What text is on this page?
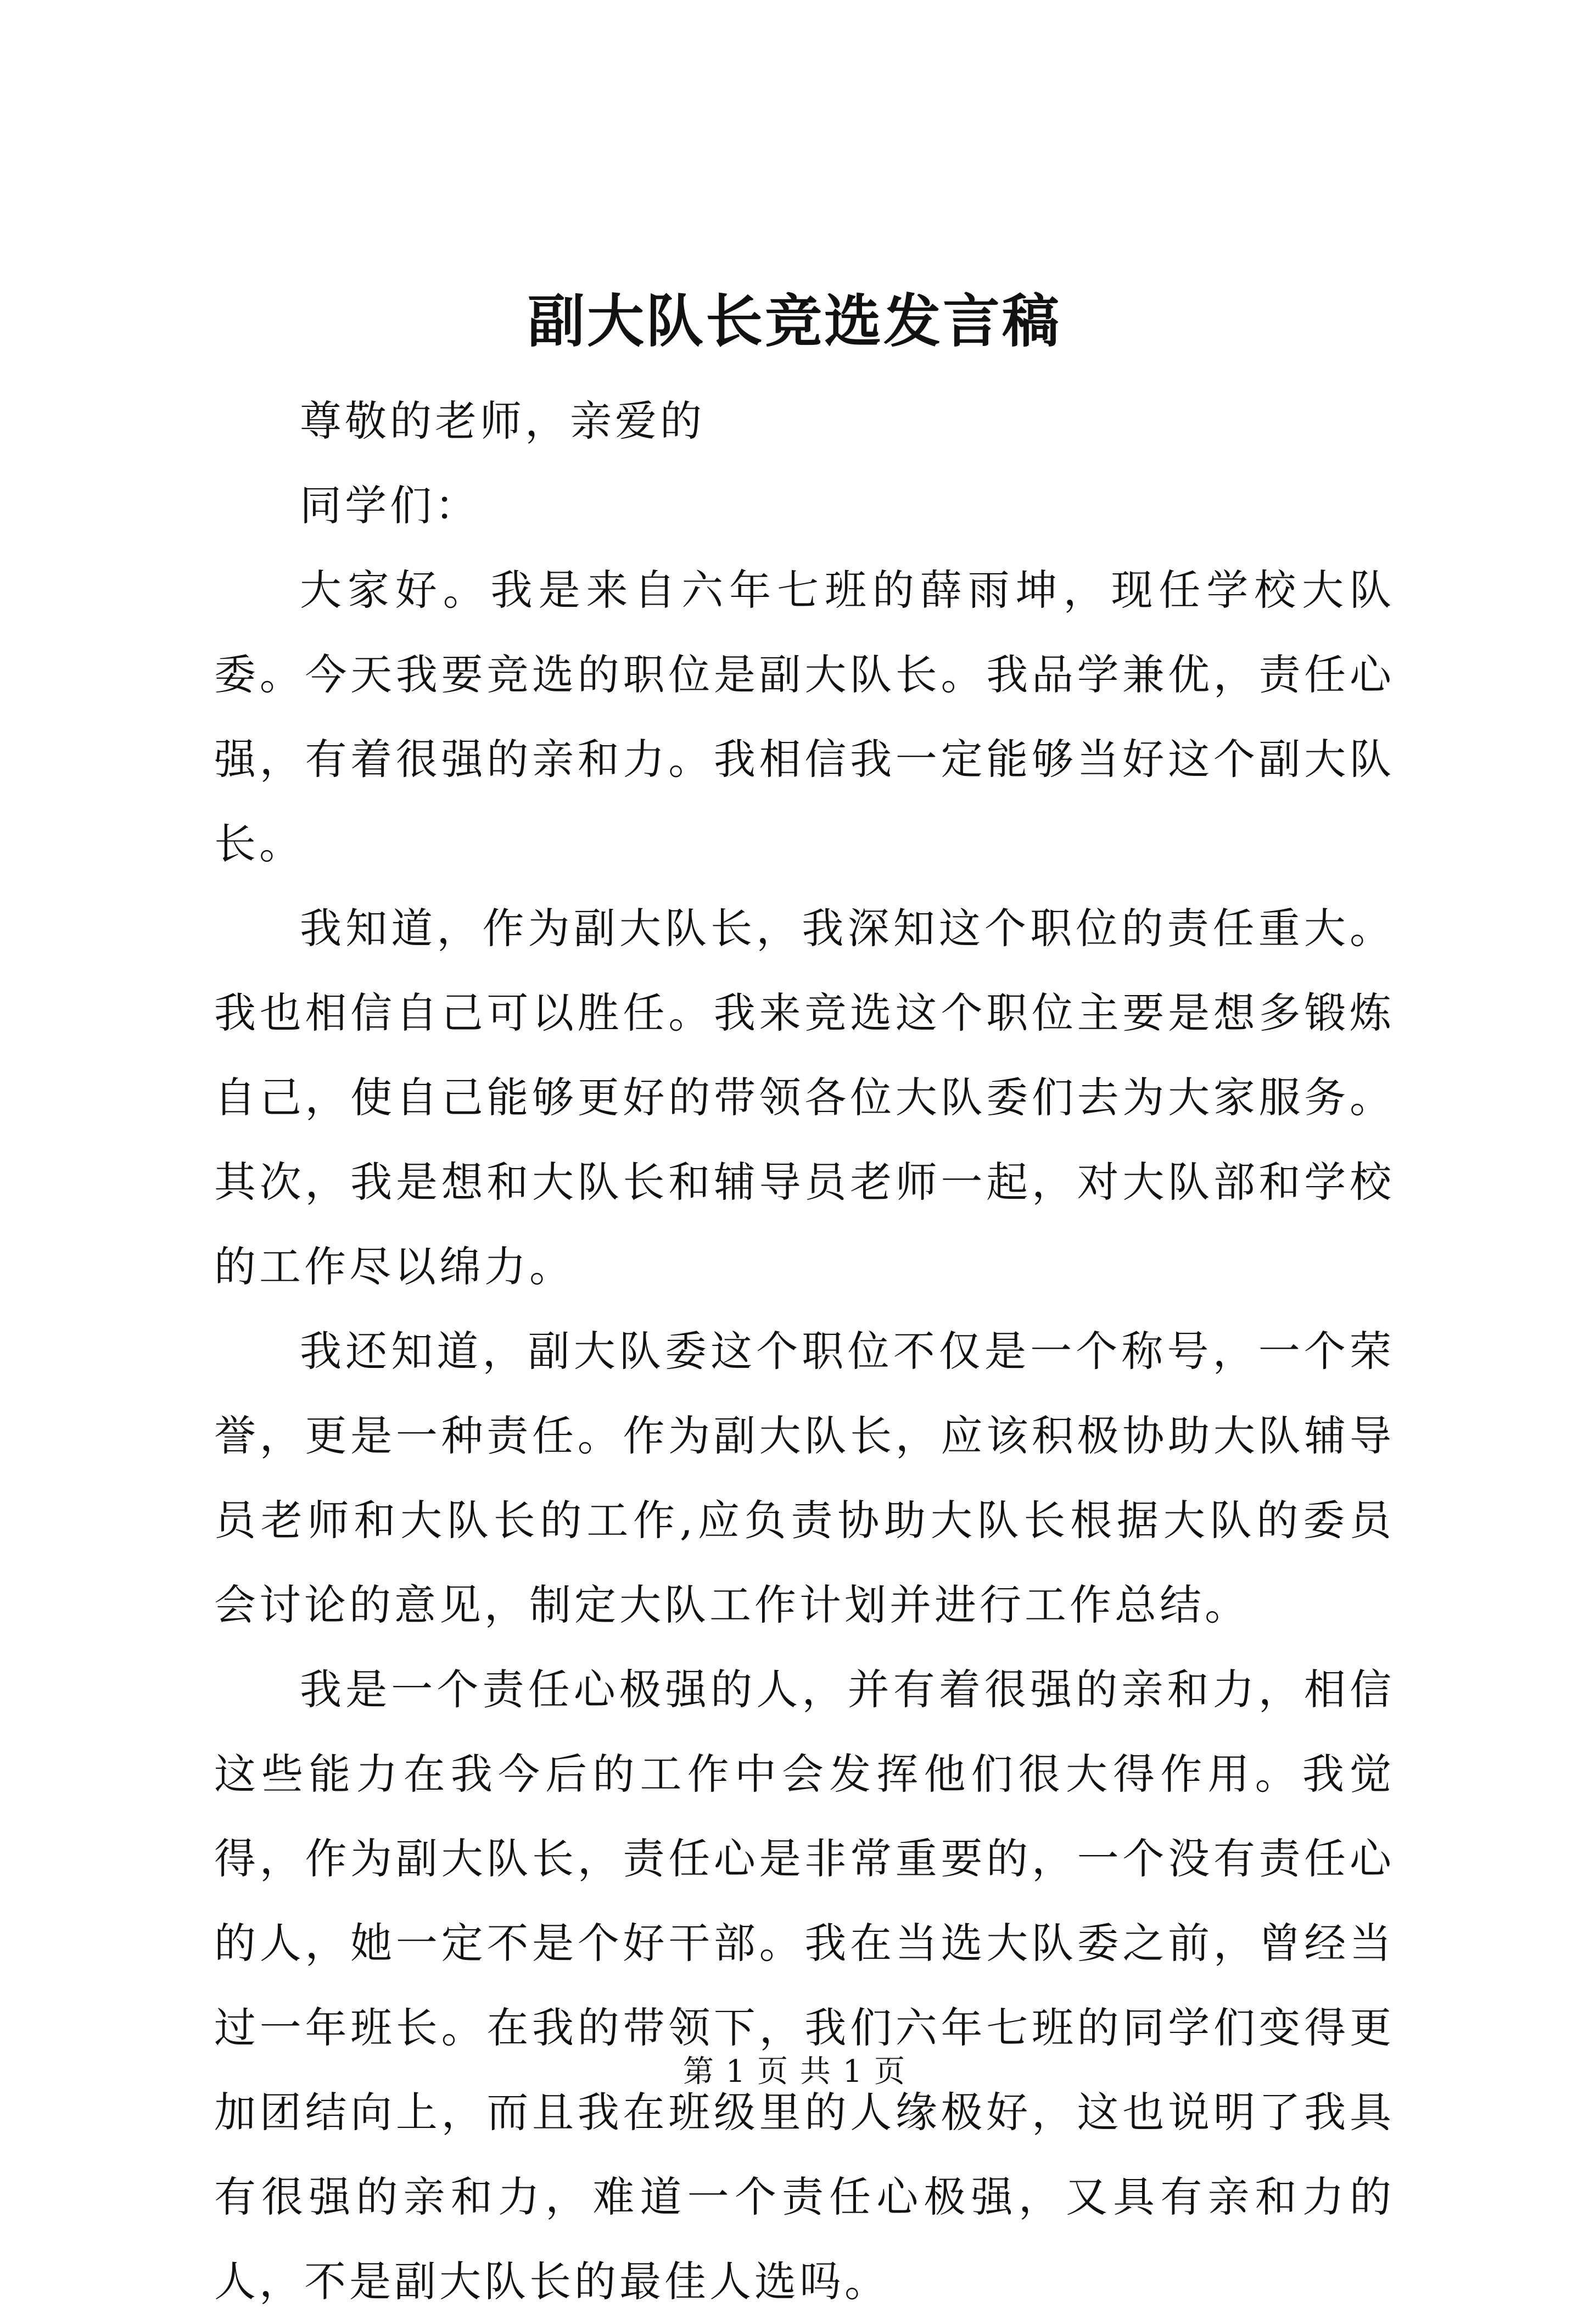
副大队长竞选发言稿

尊敬的老师，亲爱的

同学们：

大家好。我是来自六年七班的薛雨坤，现任学校大队委。今天我要竞选的职位是副大队长。我品学兼优，责任心强，有着很强的亲和力。我相信我一定能够当好这个副大队长。

我知道，作为副大队长，我深知这个职位的责任重大。我也相信自己可以胜任。我来竞选这个职位主要是想多锻炼自己，使自己能够更好的带领各位大队委们去为大家服务。其次，我是想和大队长和辅导员老师一起，对大队部和学校的工作尽以绵力。

我还知道，副大队委这个职位不仅是一个称号，一个荣誉，更是一种责任。作为副大队长，应该积极协助大队辅导员老师和大队长的工作,应负责协助大队长根据大队的委员会讨论的意见，制定大队工作计划并进行工作总结。

我是一个责任心极强的人，并有着很强的亲和力，相信这些能力在我今后的工作中会发挥他们很大得作用。我觉得，作为副大队长，责任心是非常重要的，一个没有责任心的人，她一定不是个好干部。我在当选大队委之前，曾经当过一年班长。在我的带领下，我们六年七班的同学们变得更加团结向上，而且我在班级里的人缘极好，这也说明了我具有很强的亲和力，难道一个责任心极强，又具有亲和力的人，不是副大队长的最佳人选吗。

第 1 页 共 1 页
